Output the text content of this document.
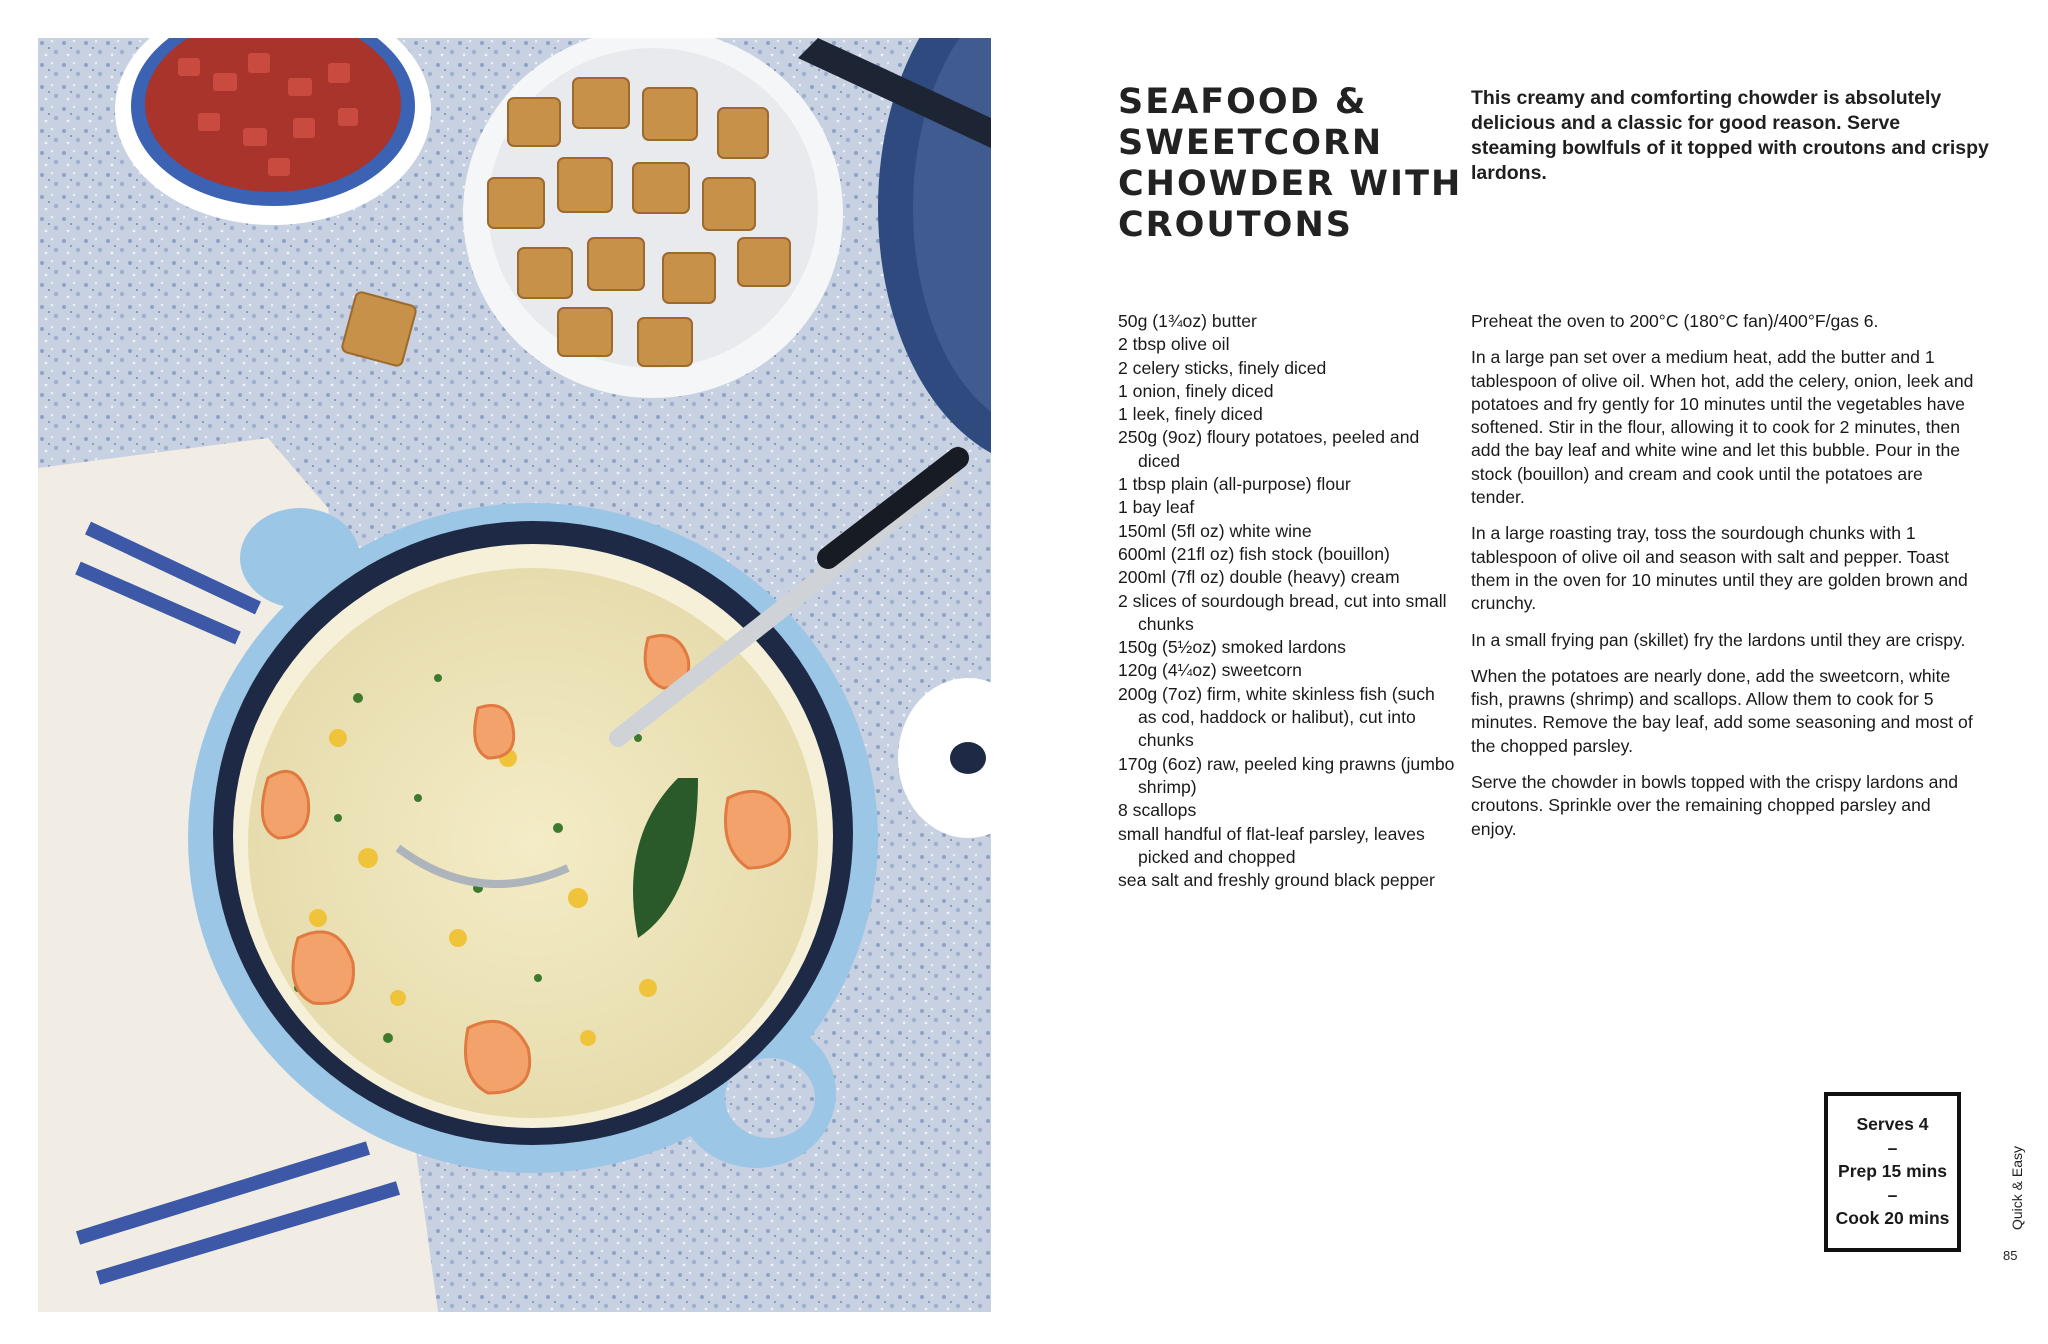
SEAFOOD &
SWEETCORN
CHOWDER WITH
CROUTONS
This creamy and comforting chowder is absolutely delicious and a classic for good reason. Serve steaming bowlfuls of it topped with croutons and crispy lardons.
50g (1¾oz) butter
2 tbsp olive oil
2 celery sticks, finely diced
1 onion, finely diced
1 leek, finely diced
250g (9oz) floury potatoes, peeled and diced
1 tbsp plain (all-purpose) flour
1 bay leaf
150ml (5fl oz) white wine
600ml (21fl oz) fish stock (bouillon)
200ml (7fl oz) double (heavy) cream
2 slices of sourdough bread, cut into small chunks
150g (5½oz) smoked lardons
120g (4¼oz) sweetcorn
200g (7oz) firm, white skinless fish (such as cod, haddock or halibut), cut into chunks
170g (6oz) raw, peeled king prawns (jumbo shrimp)
8 scallops
small handful of flat-leaf parsley, leaves picked and chopped
sea salt and freshly ground black pepper

Preheat the oven to 200°C (180°C fan)/400°F/gas 6.

In a large pan set over a medium heat, add the butter and 1 tablespoon of olive oil. When hot, add the celery, onion, leek and potatoes and fry gently for 10 minutes until the vegetables have softened. Stir in the flour, allowing it to cook for 2 minutes, then add the bay leaf and white wine and let this bubble. Pour in the stock (bouillon) and cream and cook until the potatoes are tender.

In a large roasting tray, toss the sourdough chunks with 1 tablespoon of olive oil and season with salt and pepper. Toast them in the oven for 10 minutes until they are golden brown and crunchy.

In a small frying pan (skillet) fry the lardons until they are crispy.

When the potatoes are nearly done, add the sweetcorn, white fish, prawns (shrimp) and scallops. Allow them to cook for 5 minutes. Remove the bay leaf, add some seasoning and most of the chopped parsley.

Serve the chowder in bowls topped with the crispy lardons and croutons. Sprinkle over the remaining chopped parsley and enjoy.

Serves 4
–
Prep 15 mins
–
Cook 20 mins	Quick & Easy
85
